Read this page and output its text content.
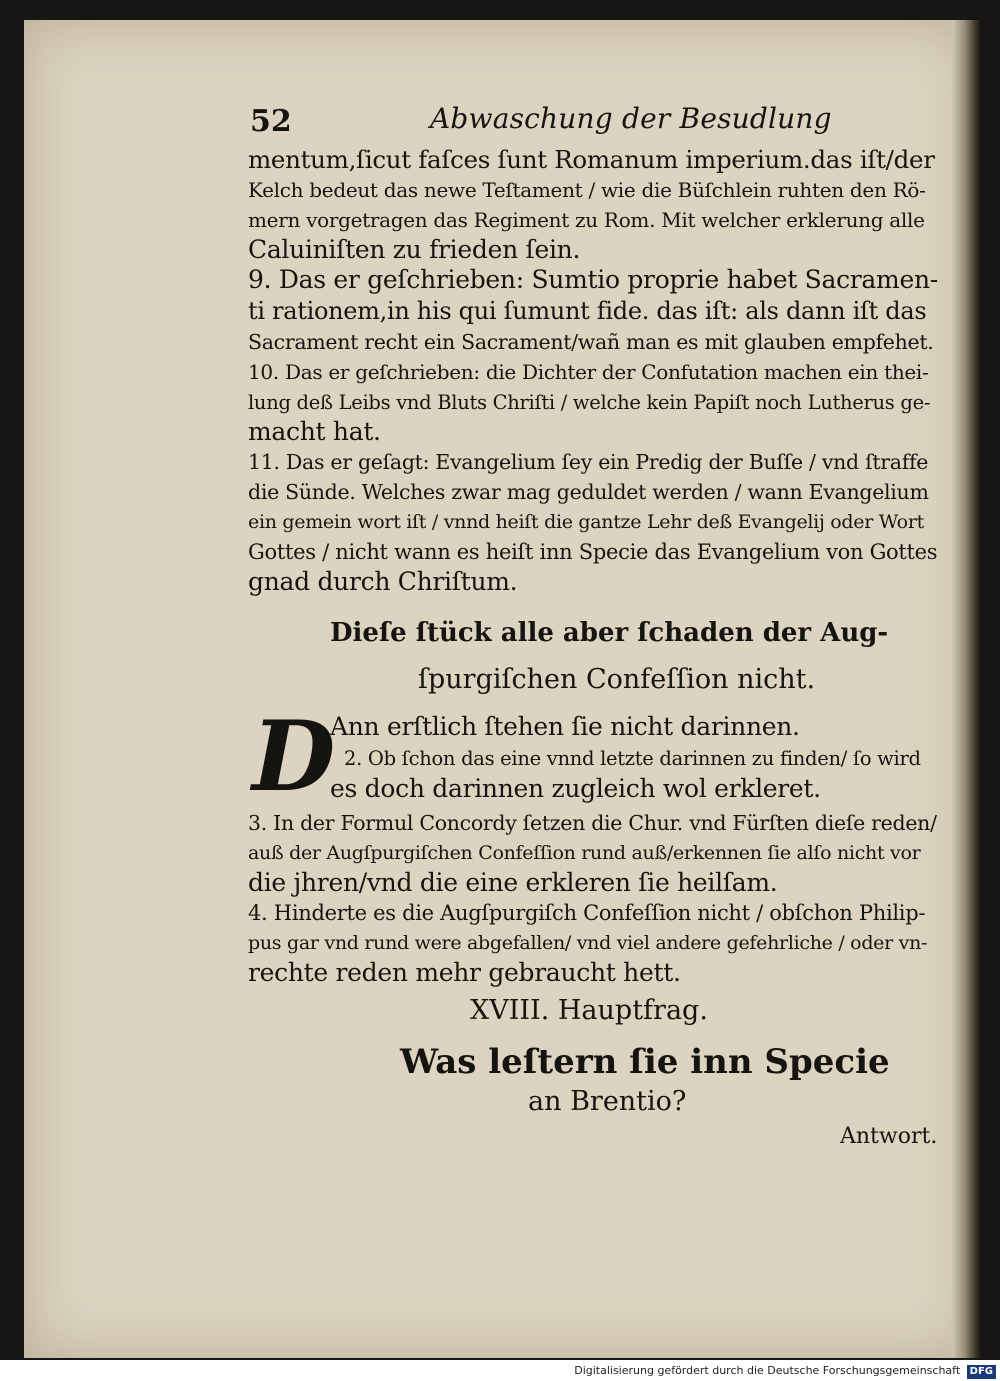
52	Abwaschung der Besudlung
mentum,ſicut faſces ſunt Romanum imperium.das iſt/der
Kelch bedeut das newe Teſtament / wie die Büſchlein ruhten den Rö-
mern vorgetragen das Regiment zu Rom. Mit welcher erklerung alle
Caluiniſten zu frieden ſein.
9. Das er geſchrieben: Sumtio proprie habet Sacramen-
ti rationem,in his qui ſumunt fide. das iſt: als dann iſt das
Sacrament recht ein Sacrament/wañ man es mit glauben empfehet.
10. Das er geſchrieben: die Dichter der Confutation machen ein thei-
lung deß Leibs vnd Bluts Chriſti / welche kein Papiſt noch Lutherus ge-
macht hat.
11. Das er geſagt: Evangelium ſey ein Predig der Buſſe / vnd ſtraffe
die Sünde. Welches zwar mag geduldet werden / wann Evangelium
ein gemein wort iſt / vnnd heiſt die gantze Lehr deß Evangelij oder Wort
Gottes / nicht wann es heiſt inn Specie das Evangelium von Gottes
gnad durch Chriſtum.
Dieſe ſtück alle aber ſchaden der Aug-
ſpurgiſchen Confeſſion nicht.
D
Ann erſtlich ſtehen ſie nicht darinnen.
2. Ob ſchon das eine vnnd letzte darinnen zu finden/ ſo wird
es doch darinnen zugleich wol erkleret.
3. In der Formul Concordy ſetzen die Chur. vnd Fürſten dieſe reden/
auß der Augſpurgiſchen Confeſſion rund auß/erkennen ſie alſo nicht vor
die jhren/vnd die eine erkleren ſie heilſam.
4. Hinderte es die Augſpurgiſch Confeſſion nicht / obſchon Philip-
pus gar vnd rund were abgefallen/ vnd viel andere gefehrliche / oder vn-
rechte reden mehr gebraucht hett.
XVIII. Hauptfrag.
Was leſtern ſie inn Specie
an Brentio?
Antwort.
Digitalisierung gefördert durch die Deutsche Forschungsgemeinschaft DFG
